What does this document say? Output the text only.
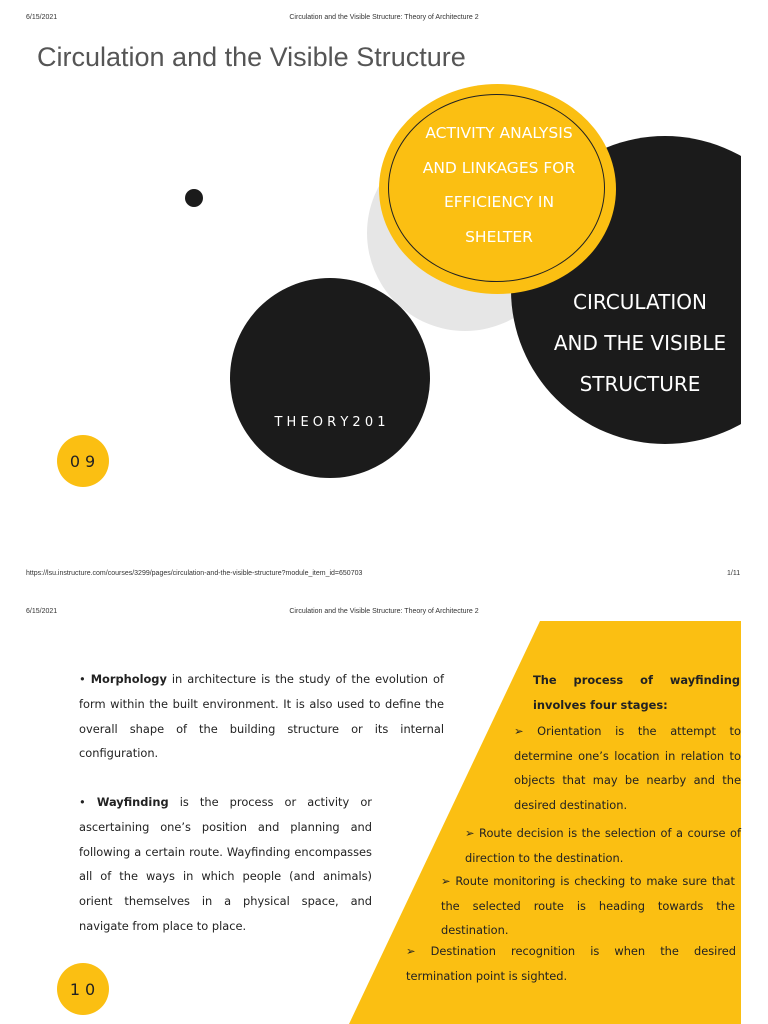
6/15/2021	Circulation and the Visible Structure: Theory of Architecture 2
Circulation and the Visible Structure
CIRCULATION
AND THE VISIBLE
STRUCTURE
ACTIVITY ANALYSIS
AND LINKAGES FOR
EFFICIENCY IN
SHELTER

T H E O R Y 2 0 1

M O D U L E   7

09
https://lsu.instructure.com/courses/3299/pages/circulation-and-the-visible-structure?module_item_id=650703	1/11
6/15/2021	Circulation and the Visible Structure: Theory of Architecture 2
• Morphology in architecture is the study of the evolution of form within the built environment. It is also used to define the overall shape of the building structure or its internal configuration.
• Wayfinding is the process or activity or ascertaining one’s position and planning and following a certain route. Wayfinding encompasses all of the ways in which people (and animals) orient themselves in a physical space, and navigate from place to place.
The process of wayfinding involves four stages:
➢ Orientation is the attempt to determine one’s location in relation to objects that may be nearby and the desired destination.
➢ Route decision is the selection of a course of direction to the destination.
➢ Route monitoring is checking to make sure that the selected route is heading towards the destination.
➢ Destination recognition is when the desired termination point is sighted.
10
